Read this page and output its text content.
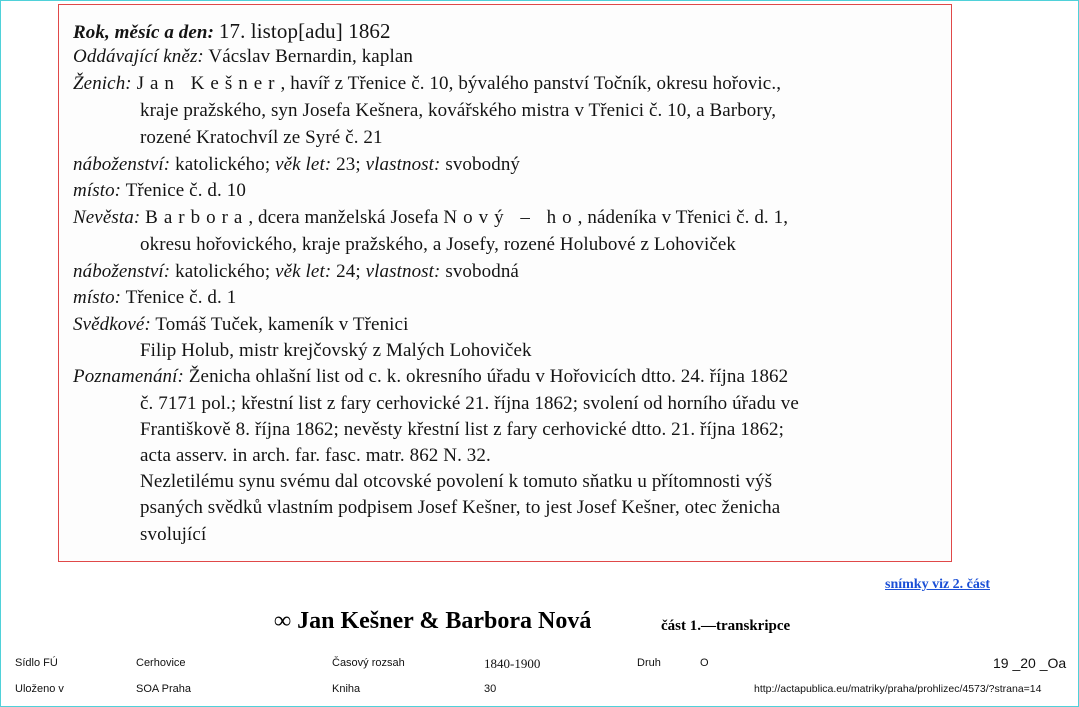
Rok, měsíc a den: 17. listop[adu] 1862
Oddávající kněz: Vácslav Bernardin, kaplan
Ženich: Jan Kešner, havíř z Třenice č. 10, bývalého panství Točník, okresu hořovic.,
kraje pražského, syn Josefa Kešnera, kovářského mistra v Třenici č. 10, a Barbory,
rozené Kratochvíl ze Syré č. 21
náboženství: katolického; věk let: 23; vlastnost: svobodný
místo: Třenice č. d. 10
Nevěsta: Barbora, dcera manželská Josefa Nový – ho, nádeníka v Třenici č. d. 1,
okresu hořovického, kraje pražského, a Josefy, rozené Holubové z Lohoviček
náboženství: katolického; věk let: 24; vlastnost: svobodná
místo: Třenice č. d. 1
Svědkové: Tomáš Tuček, kameník v Třenici
Filip Holub, mistr krejčovský z Malých Lohoviček
Poznamenání: Ženicha ohlašní list od c. k. okresního úřadu v Hořovicích dtto. 24. října 1862
č. 7171 pol.; křestní list z fary cerhovické 21. října 1862; svolení od horního úřadu ve
Františkově 8. října 1862; nevěsty křestní list z fary cerhovické dtto. 21. října 1862;
acta asserv. in arch. far. fasc. matr. 862 N. 32.
Nezletilému synu svému dal otcovské povolení k tomuto sňatku u přítomnosti výš
psaných svědků vlastním podpisem Josef Kešner, to jest Josef Kešner, otec ženicha
svolující
snímky viz 2. část
∞ Jan Kešner & Barbora Nová	část 1.—transkripce
Sídlo FÚ	Cerhovice	Časový rozsah	1840-1900	Druh	O	19 _20 _Oa
Uloženo v	SOA Praha	Kniha	30	http://actapublica.eu/matriky/praha/prohlizec/4573/?strana=14
